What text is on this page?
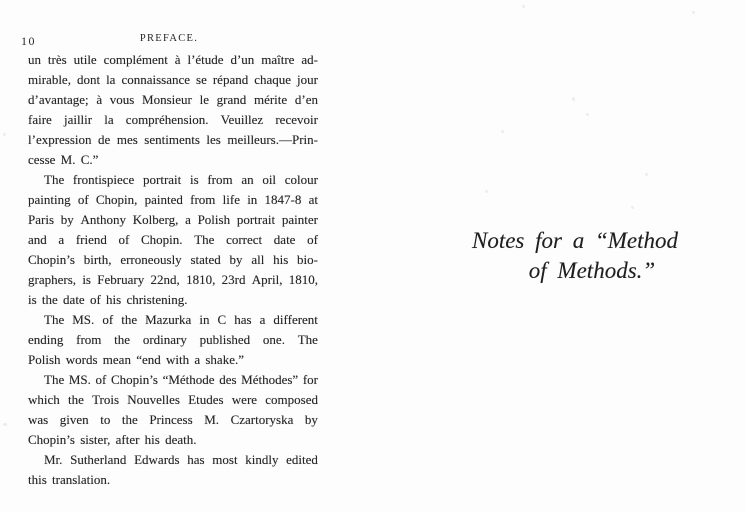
10	PREFACE.
un très utile complément à l’étude d’un maître ad-
mirable, dont la connaissance se répand chaque jour
d’avantage; à vous Monsieur le grand mérite d’en
faire jaillir la compréhension. Veuillez recevoir
l’expression de mes sentiments les meilleurs.—Prin-
cesse M. C.”
The frontispiece portrait is from an oil colour
painting of Chopin, painted from life in 1847-8 at
Paris by Anthony Kolberg, a Polish portrait painter
and a friend of Chopin. The correct date of
Chopin’s birth, erroneously stated by all his bio-
graphers, is February 22nd, 1810, 23rd April, 1810,
is the date of his christening.
The MS. of the Mazurka in C has a different
ending from the ordinary published one. The
Polish words mean “end with a shake.”
The MS. of Chopin’s “Méthode des Méthodes” for
which the Trois Nouvelles Etudes were composed
was given to the Princess M. Czartoryska by
Chopin’s sister, after his death.
Mr. Sutherland Edwards has most kindly edited
this translation.
Notes for a “Method
of Methods.”
